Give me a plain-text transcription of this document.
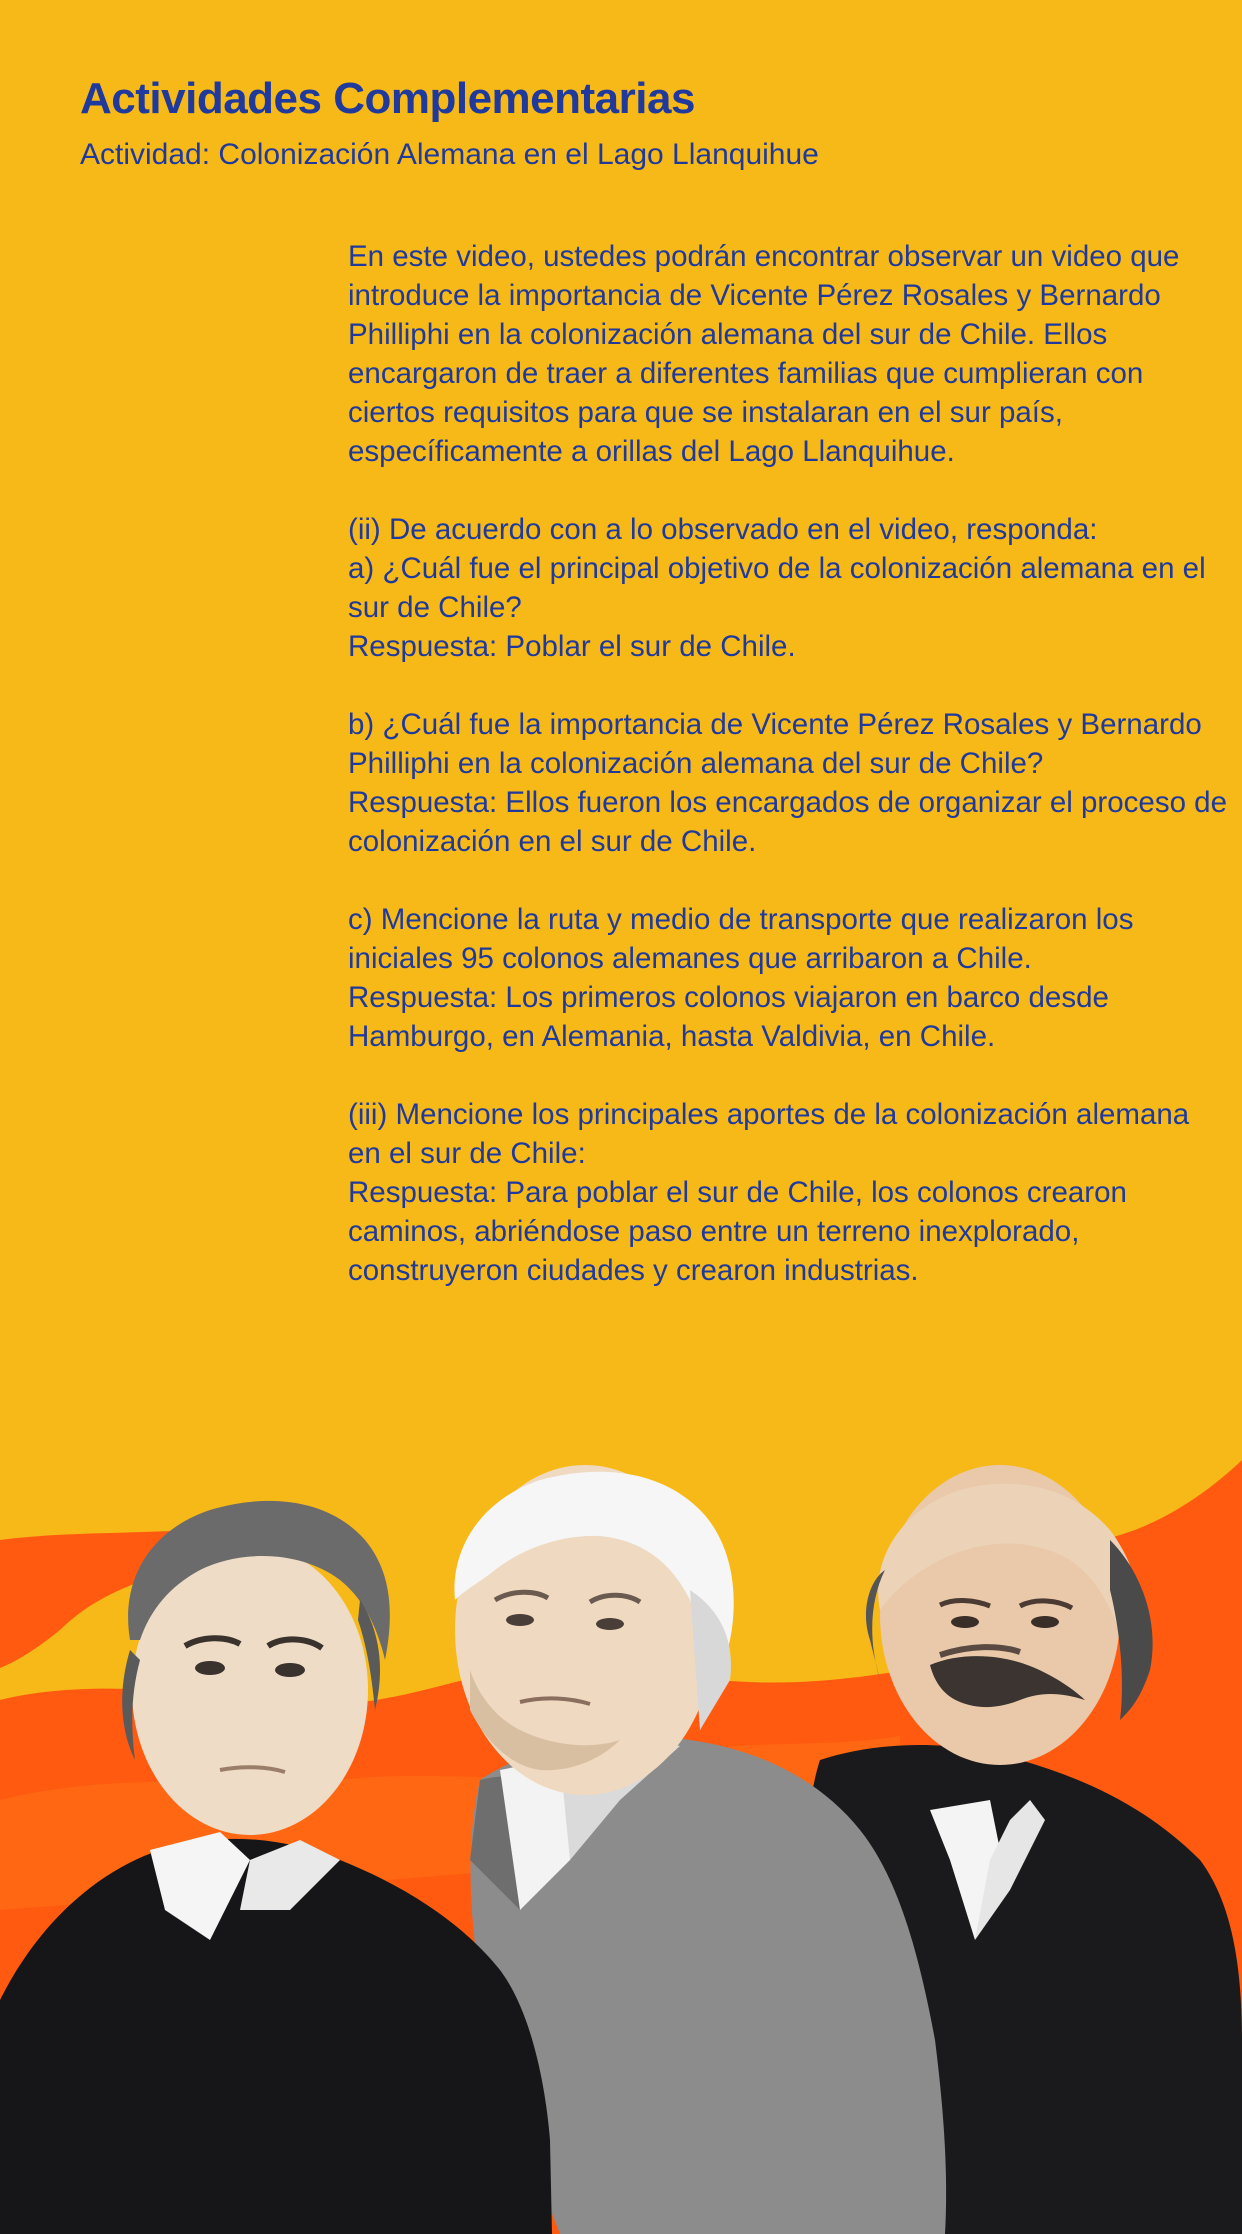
Actividades Complementarias
Actividad: Colonización Alemana en el Lago Llanquihue
En este video, ustedes podrán encontrar observar un video que
introduce la importancia de Vicente Pérez Rosales y Bernardo
Philliphi en la colonización alemana del sur de Chile. Ellos
encargaron de traer a diferentes familias que cumplieran con
ciertos requisitos para que se instalaran en el sur país,
específicamente a orillas del Lago Llanquihue.
(ii) De acuerdo con a lo observado en el video, responda:
a) ¿Cuál fue el principal objetivo de la colonización alemana en el
sur de Chile?
Respuesta: Poblar el sur de Chile.
b) ¿Cuál fue la importancia de Vicente Pérez Rosales y Bernardo
Philliphi en la colonización alemana del sur de Chile?
Respuesta: Ellos fueron los encargados de organizar el proceso de
colonización en el sur de Chile.
c) Mencione la ruta y medio de transporte que realizaron los
iniciales 95 colonos alemanes que arribaron a Chile.
Respuesta: Los primeros colonos viajaron en barco desde
Hamburgo, en Alemania, hasta Valdivia, en Chile.
(iii) Mencione los principales aportes de la colonización alemana
en el sur de Chile:
Respuesta: Para poblar el sur de Chile, los colonos crearon
caminos, abriéndose paso entre un terreno inexplorado,
construyeron ciudades y crearon industrias.
